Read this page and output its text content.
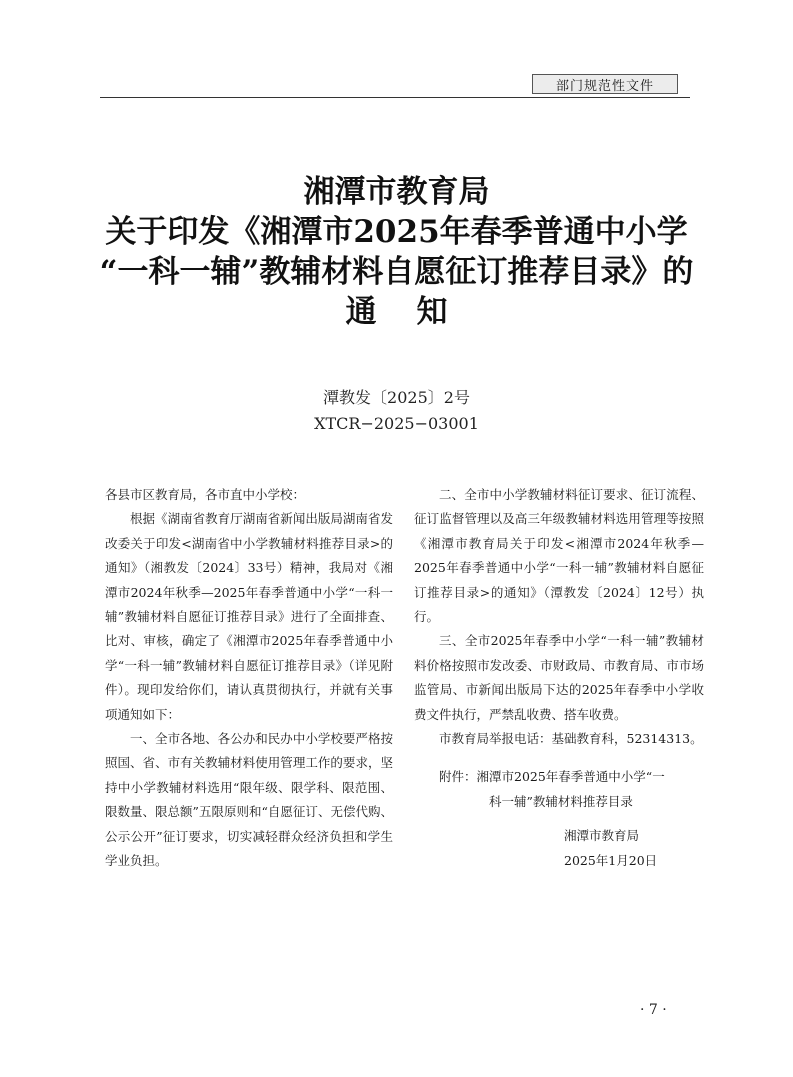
部门规范性文件
湘潭市教育局
关于印发《湘潭市2025年春季普通中小学
“一科一辅”教辅材料自愿征订推荐目录》的
通知
潭教发〔2025〕2号
XTCR−2025−03001

各县市区教育局，各市直中小学校：

根据《湖南省教育厅湖南省新闻出版局湖南省发改委关于印发<湖南省中小学教辅材料推荐目录>的通知》（湘教发〔2024〕33号）精神，我局对《湘潭市2024年秋季—2025年春季普通中小学“一科一辅”教辅材料自愿征订推荐目录》进行了全面排查、比对、审核，确定了《湘潭市2025年春季普通中小学“一科一辅”教辅材料自愿征订推荐目录》（详见附件）。现印发给你们，请认真贯彻执行，并就有关事项通知如下：

一、全市各地、各公办和民办中小学校要严格按照国、省、市有关教辅材料使用管理工作的要求，坚持中小学教辅材料选用“限年级、限学科、限范围、限数量、限总额”五限原则和“自愿征订、无偿代购、公示公开”征订要求，切实减轻群众经济负担和学生学业负担。

二、全市中小学教辅材料征订要求、征订流程、征订监督管理以及高三年级教辅材料选用管理等按照《湘潭市教育局关于印发<湘潭市2024年秋季—2025年春季普通中小学“一科一辅”教辅材料自愿征订推荐目录>的通知》（潭教发〔2024〕12号）执行。

三、全市2025年春季中小学“一科一辅”教辅材料价格按照市发改委、市财政局、市教育局、市市场监管局、市新闻出版局下达的2025年春季中小学收费文件执行，严禁乱收费、搭车收费。

市教育局举报电话：基础教育科，52314313。

附件：湘潭市2025年春季普通中小学“一
科一辅”教辅材料推荐目录

湘潭市教育局

2025年1月20日

· 7 ·
